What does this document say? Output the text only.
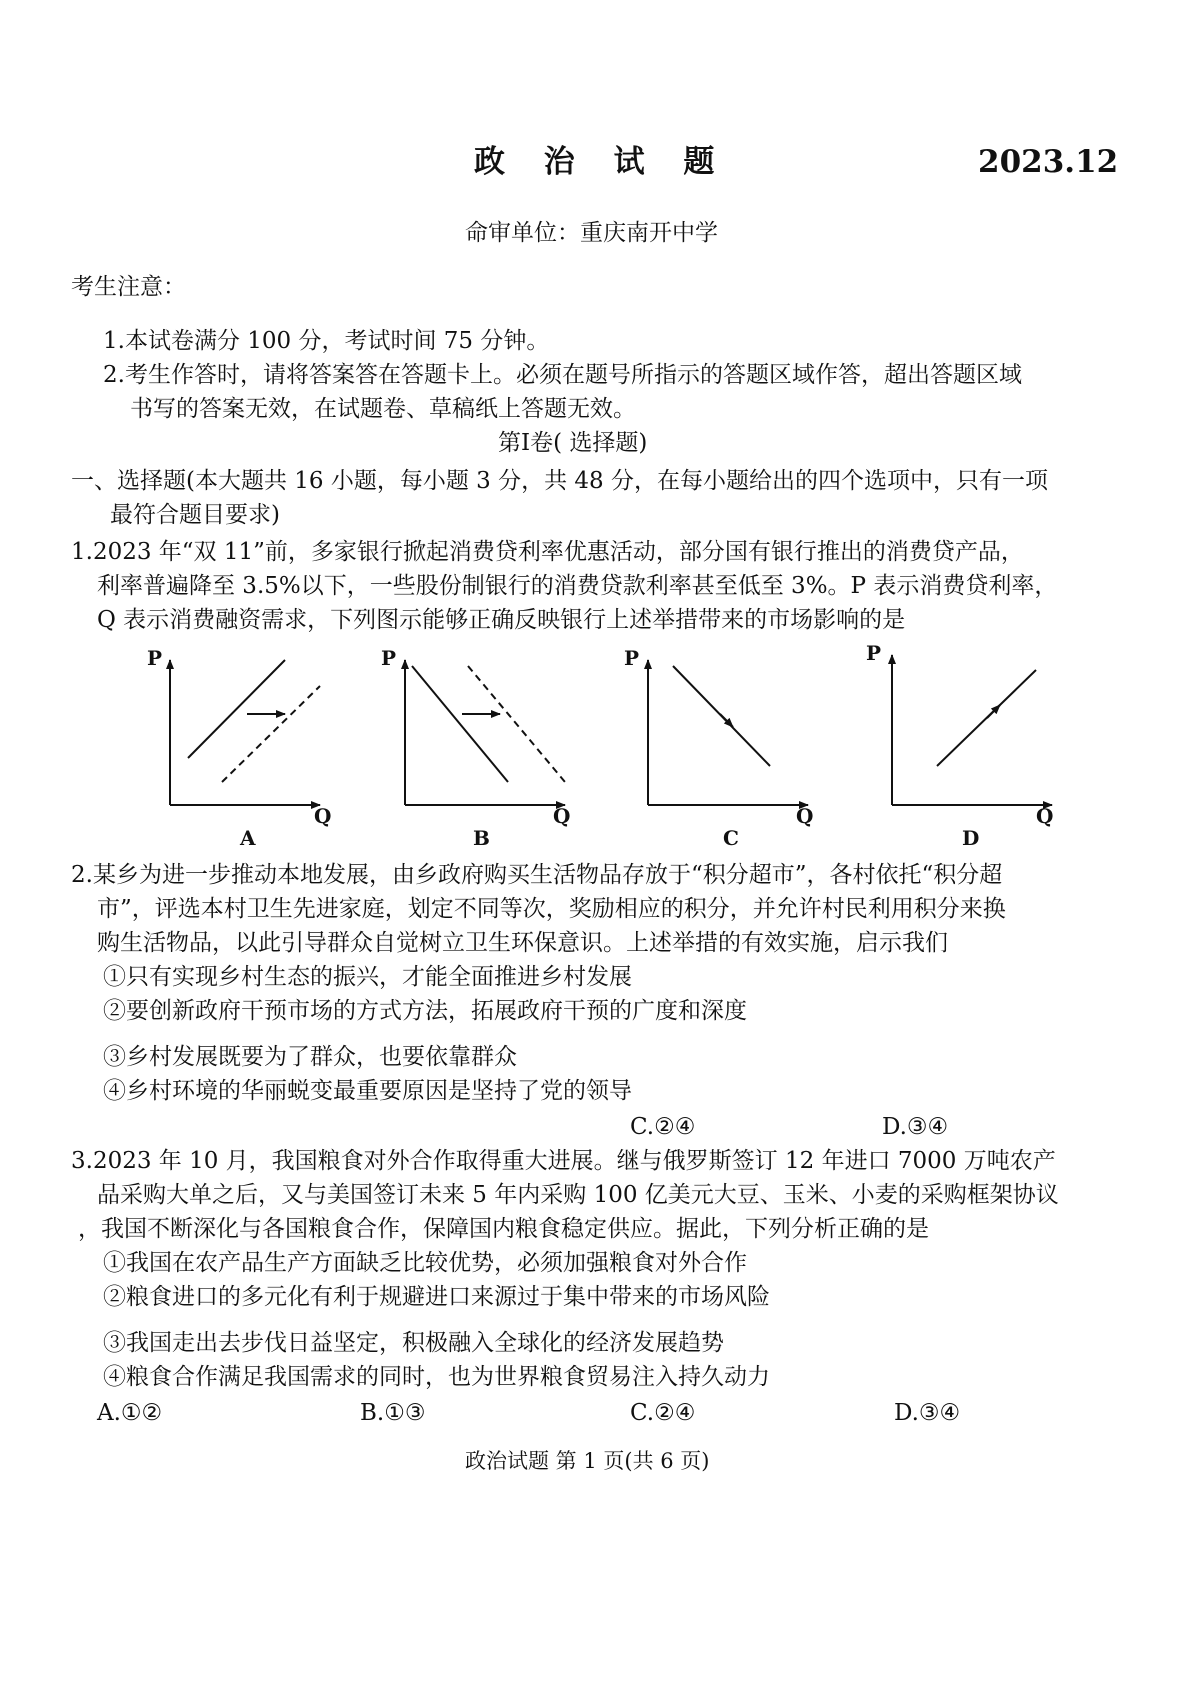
政 治 试 题	2023.12
命审单位：重庆南开中学
考生注意：
1.本试卷满分 100 分，考试时间 75 分钟。
2.考生作答时，请将答案答在答题卡上。必须在题号所指示的答题区域作答，超出答题区域
书写的答案无效，在试题卷、草稿纸上答题无效。
第Ⅰ卷( 选择题)
一、选择题(本大题共 16 小题，每小题 3 分，共 48 分，在每小题给出的四个选项中，只有一项
最符合题目要求)
1.2023 年“双 11”前，多家银行掀起消费贷利率优惠活动，部分国有银行推出的消费贷产品，
利率普遍降至 3.5%以下，一些股份制银行的消费贷款利率甚至低至 3%。P 表示消费贷利率，
Q 表示消费融资需求，下列图示能够正确反映银行上述举措带来的市场影响的是
P
Q
A
P
Q
B
P
Q
C
P
Q
D
2.某乡为进一步推动本地发展，由乡政府购买生活物品存放于“积分超市”，各村依托“积分超
市”，评选本村卫生先进家庭，划定不同等次，奖励相应的积分，并允许村民利用积分来换
购生活物品，以此引导群众自觉树立卫生环保意识。上述举措的有效实施，启示我们
①只有实现乡村生态的振兴，才能全面推进乡村发展
②要创新政府干预市场的方式方法，拓展政府干预的广度和深度
③乡村发展既要为了群众，也要依靠群众
④乡村环境的华丽蜕变最重要原因是坚持了党的领导
C.②④	D.③④
3.2023 年 10 月，我国粮食对外合作取得重大进展。继与俄罗斯签订 12 年进口 7000 万吨农产
品采购大单之后，又与美国签订未来 5 年内采购 100 亿美元大豆、玉米、小麦的采购框架协议
，我国不断深化与各国粮食合作，保障国内粮食稳定供应。据此，下列分析正确的是
①我国在农产品生产方面缺乏比较优势，必须加强粮食对外合作
②粮食进口的多元化有利于规避进口来源过于集中带来的市场风险
③我国走出去步伐日益坚定，积极融入全球化的经济发展趋势
④粮食合作满足我国需求的同时，也为世界粮食贸易注入持久动力
A.①②	B.①③	C.②④	D.③④
政治试题 第 1 页(共 6 页)
